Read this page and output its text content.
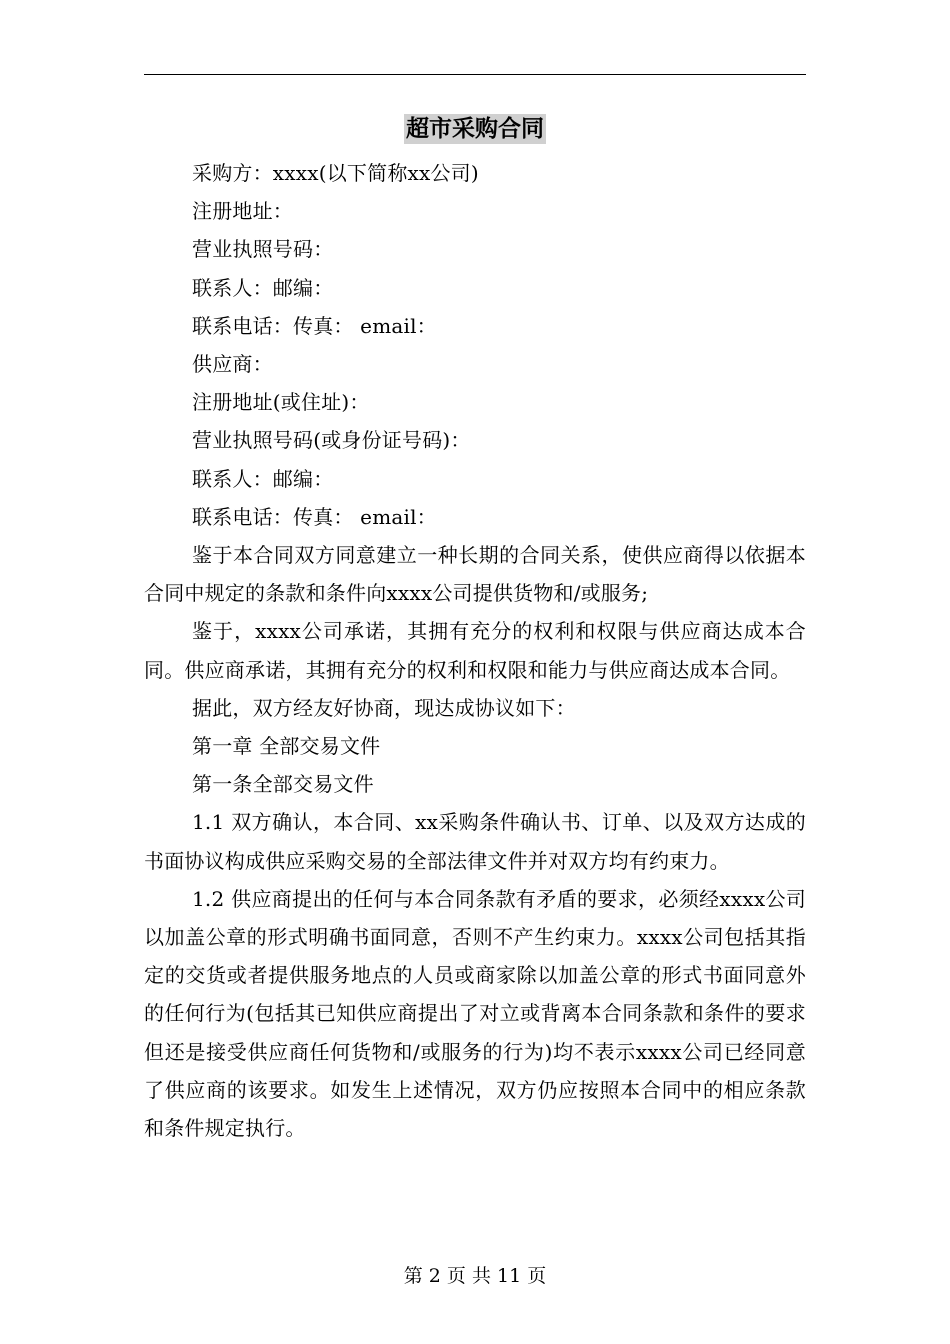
超市采购合同

采购方：xxxx(以下简称xx公司)

注册地址：

营业执照号码：

联系人：邮编：

联系电话：传真： email：

供应商：

注册地址(或住址)：

营业执照号码(或身份证号码)：

联系人：邮编：

联系电话：传真： email：

鉴于本合同双方同意建立一种长期的合同关系，使供应商得以依据本合同中规定的条款和条件向xxxx公司提供货物和/或服务;

鉴于，xxxx公司承诺，其拥有充分的权利和权限与供应商达成本合同。供应商承诺，其拥有充分的权利和权限和能力与供应商达成本合同。

据此，双方经友好协商，现达成协议如下：

第一章 全部交易文件

第一条全部交易文件

1.1 双方确认，本合同、xx采购条件确认书、订单、以及双方达成的书面协议构成供应采购交易的全部法律文件并对双方均有约束力。

1.2 供应商提出的任何与本合同条款有矛盾的要求，必须经xxxx公司以加盖公章的形式明确书面同意，否则不产生约束力。xxxx公司包括其指定的交货或者提供服务地点的人员或商家除以加盖公章的形式书面同意外的任何行为(包括其已知供应商提出了对立或背离本合同条款和条件的要求但还是接受供应商任何货物和/或服务的行为)均不表示xxxx公司已经同意了供应商的该要求。如发生上述情况，双方仍应按照本合同中的相应条款和条件规定执行。

第 2 页 共 11 页
